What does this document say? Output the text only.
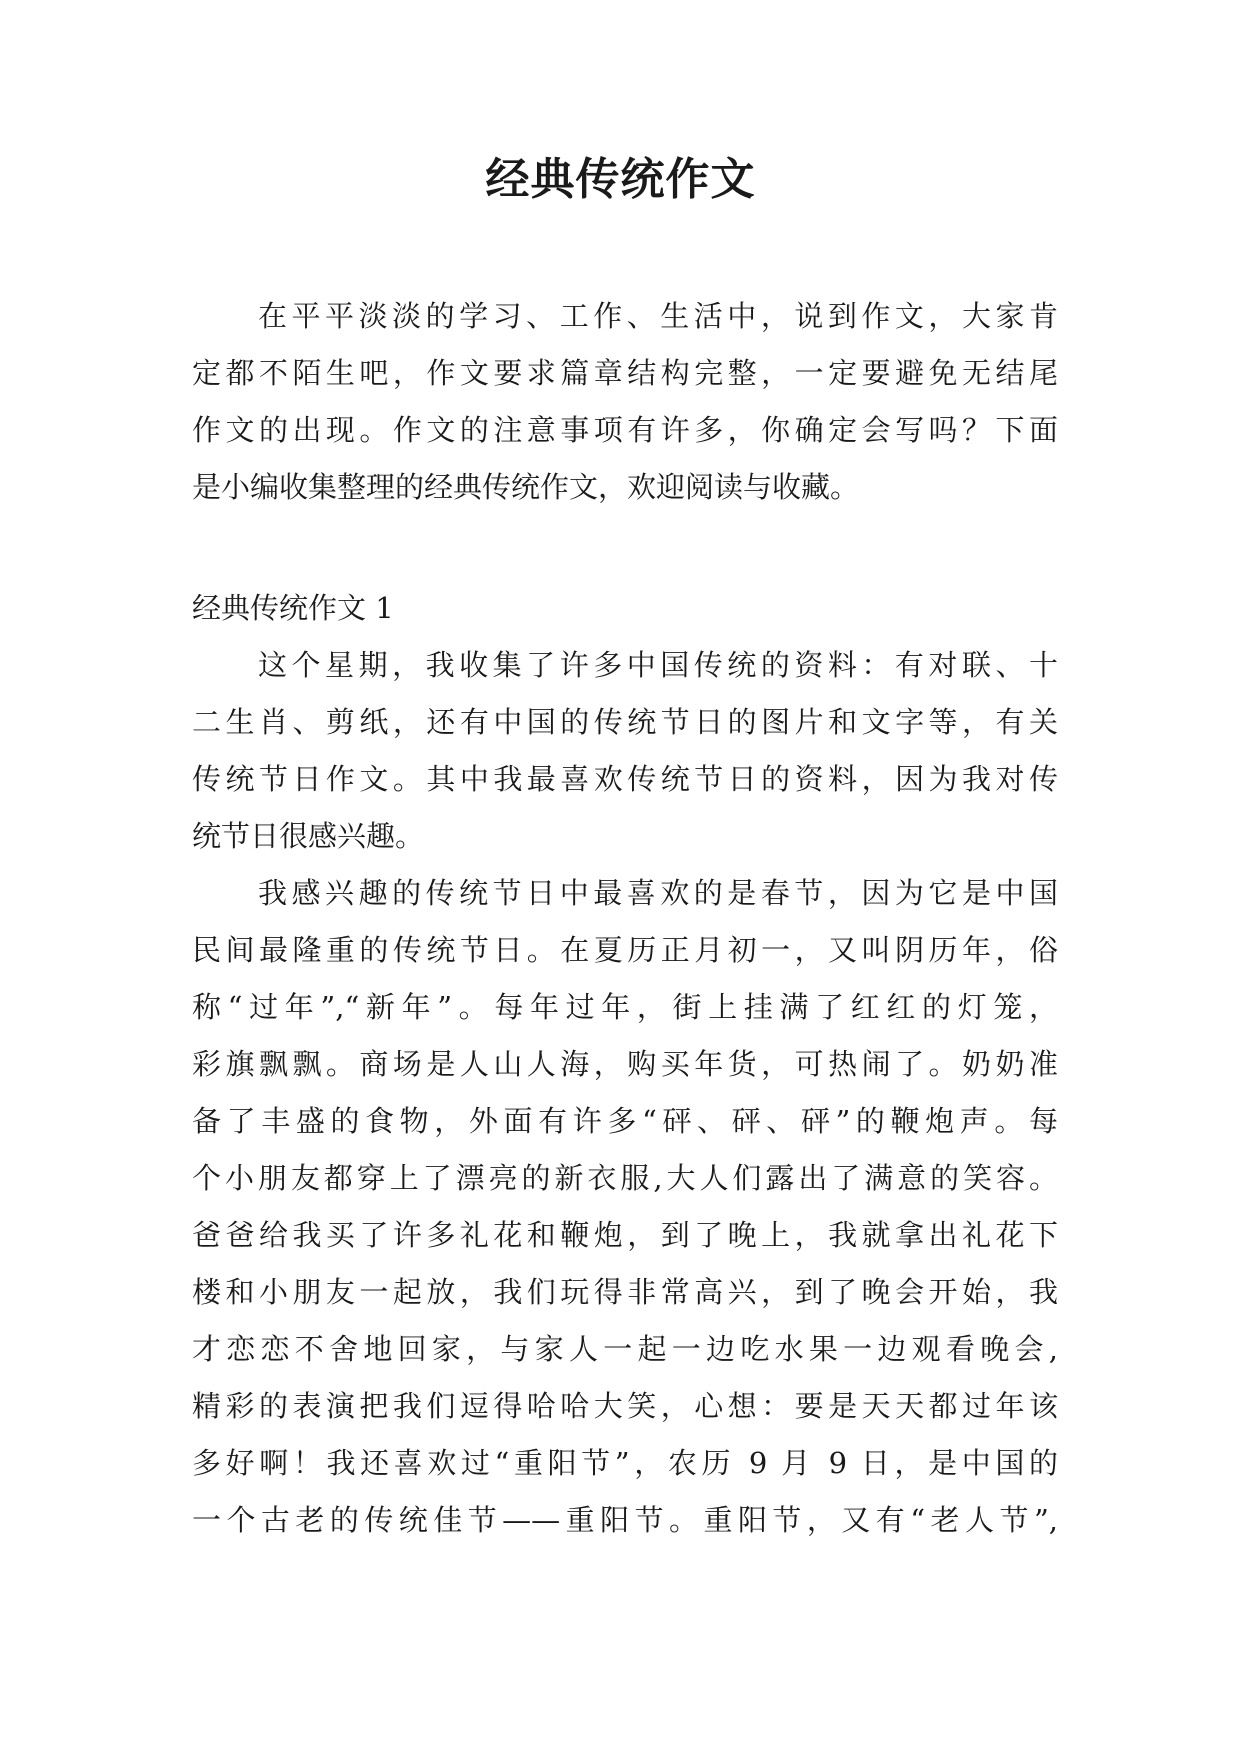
经典传统作文
在平平淡淡的学习、工作、生活中，说到作文，大家肯
定都不陌生吧，作文要求篇章结构完整，一定要避免无结尾
作文的出现。作文的注意事项有许多，你确定会写吗？下面
是小编收集整理的经典传统作文，欢迎阅读与收藏。
经典传统作文 1
这个星期，我收集了许多中国传统的资料：有对联、十
二生肖、剪纸，还有中国的传统节日的图片和文字等，有关
传统节日作文。其中我最喜欢传统节日的资料，因为我对传
统节日很感兴趣。
我感兴趣的传统节日中最喜欢的是春节，因为它是中国
民间最隆重的传统节日。在夏历正月初一，又叫阴历年，俗
称“过年”,“新年”。每年过年，街上挂满了红红的灯笼，
彩旗飘飘。商场是人山人海，购买年货，可热闹了。奶奶准
备了丰盛的食物，外面有许多“砰、砰、砰”的鞭炮声。每
个小朋友都穿上了漂亮的新衣服,大人们露出了满意的笑容。
爸爸给我买了许多礼花和鞭炮，到了晚上，我就拿出礼花下
楼和小朋友一起放，我们玩得非常高兴，到了晚会开始，我
才恋恋不舍地回家，与家人一起一边吃水果一边观看晚会,
精彩的表演把我们逗得哈哈大笑，心想：要是天天都过年该
多好啊！我还喜欢过“重阳节”，农历 9 月 9 日，是中国的
一个古老的传统佳节——重阳节。重阳节，又有“老人节”,
